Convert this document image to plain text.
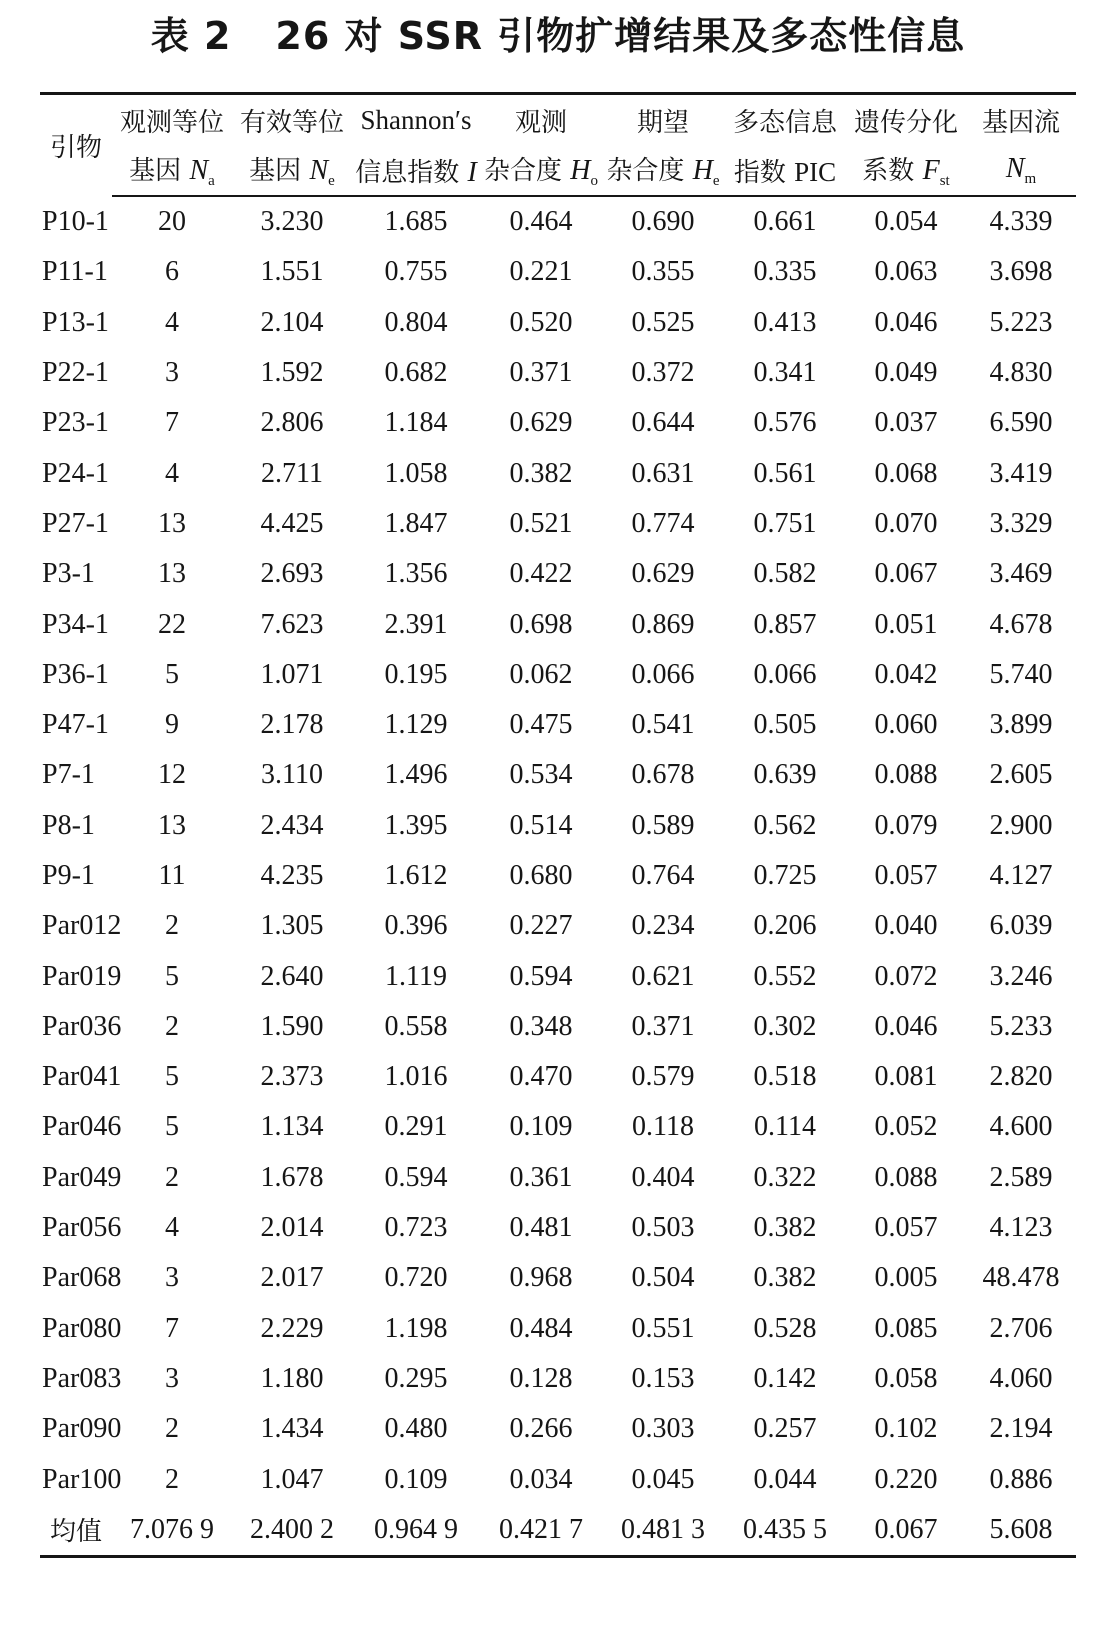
表 2 26 对 SSR 引物扩增结果及多态性信息
引物	观测等位	有效等位	Shannon′s	观测	期望	多态信息	遗传分化	基因流
	基因 $N_a$	基因 $N_e$	信息指数 I	杂合度 $H_o$	杂合度 $H_e$	指数 PIC	系数 $F_{st}$	$N_m$
P10-1	20	3.230	1.685	0.464	0.690	0.661	0.054	4.339
P11-1	6	1.551	0.755	0.221	0.355	0.335	0.063	3.698
P13-1	4	2.104	0.804	0.520	0.525	0.413	0.046	5.223
P22-1	3	1.592	0.682	0.371	0.372	0.341	0.049	4.830
P23-1	7	2.806	1.184	0.629	0.644	0.576	0.037	6.590
P24-1	4	2.711	1.058	0.382	0.631	0.561	0.068	3.419
P27-1	13	4.425	1.847	0.521	0.774	0.751	0.070	3.329
P3-1	13	2.693	1.356	0.422	0.629	0.582	0.067	3.469
P34-1	22	7.623	2.391	0.698	0.869	0.857	0.051	4.678
P36-1	5	1.071	0.195	0.062	0.066	0.066	0.042	5.740
P47-1	9	2.178	1.129	0.475	0.541	0.505	0.060	3.899
P7-1	12	3.110	1.496	0.534	0.678	0.639	0.088	2.605
P8-1	13	2.434	1.395	0.514	0.589	0.562	0.079	2.900
P9-1	11	4.235	1.612	0.680	0.764	0.725	0.057	4.127
Par012	2	1.305	0.396	0.227	0.234	0.206	0.040	6.039
Par019	5	2.640	1.119	0.594	0.621	0.552	0.072	3.246
Par036	2	1.590	0.558	0.348	0.371	0.302	0.046	5.233
Par041	5	2.373	1.016	0.470	0.579	0.518	0.081	2.820
Par046	5	1.134	0.291	0.109	0.118	0.114	0.052	4.600
Par049	2	1.678	0.594	0.361	0.404	0.322	0.088	2.589
Par056	4	2.014	0.723	0.481	0.503	0.382	0.057	4.123
Par068	3	2.017	0.720	0.968	0.504	0.382	0.005	48.478
Par080	7	2.229	1.198	0.484	0.551	0.528	0.085	2.706
Par083	3	1.180	0.295	0.128	0.153	0.142	0.058	4.060
Par090	2	1.434	0.480	0.266	0.303	0.257	0.102	2.194
Par100	2	1.047	0.109	0.034	0.045	0.044	0.220	0.886
均值	7.076 9	2.400 2	0.964 9	0.421 7	0.481 3	0.435 5	0.067	5.608
